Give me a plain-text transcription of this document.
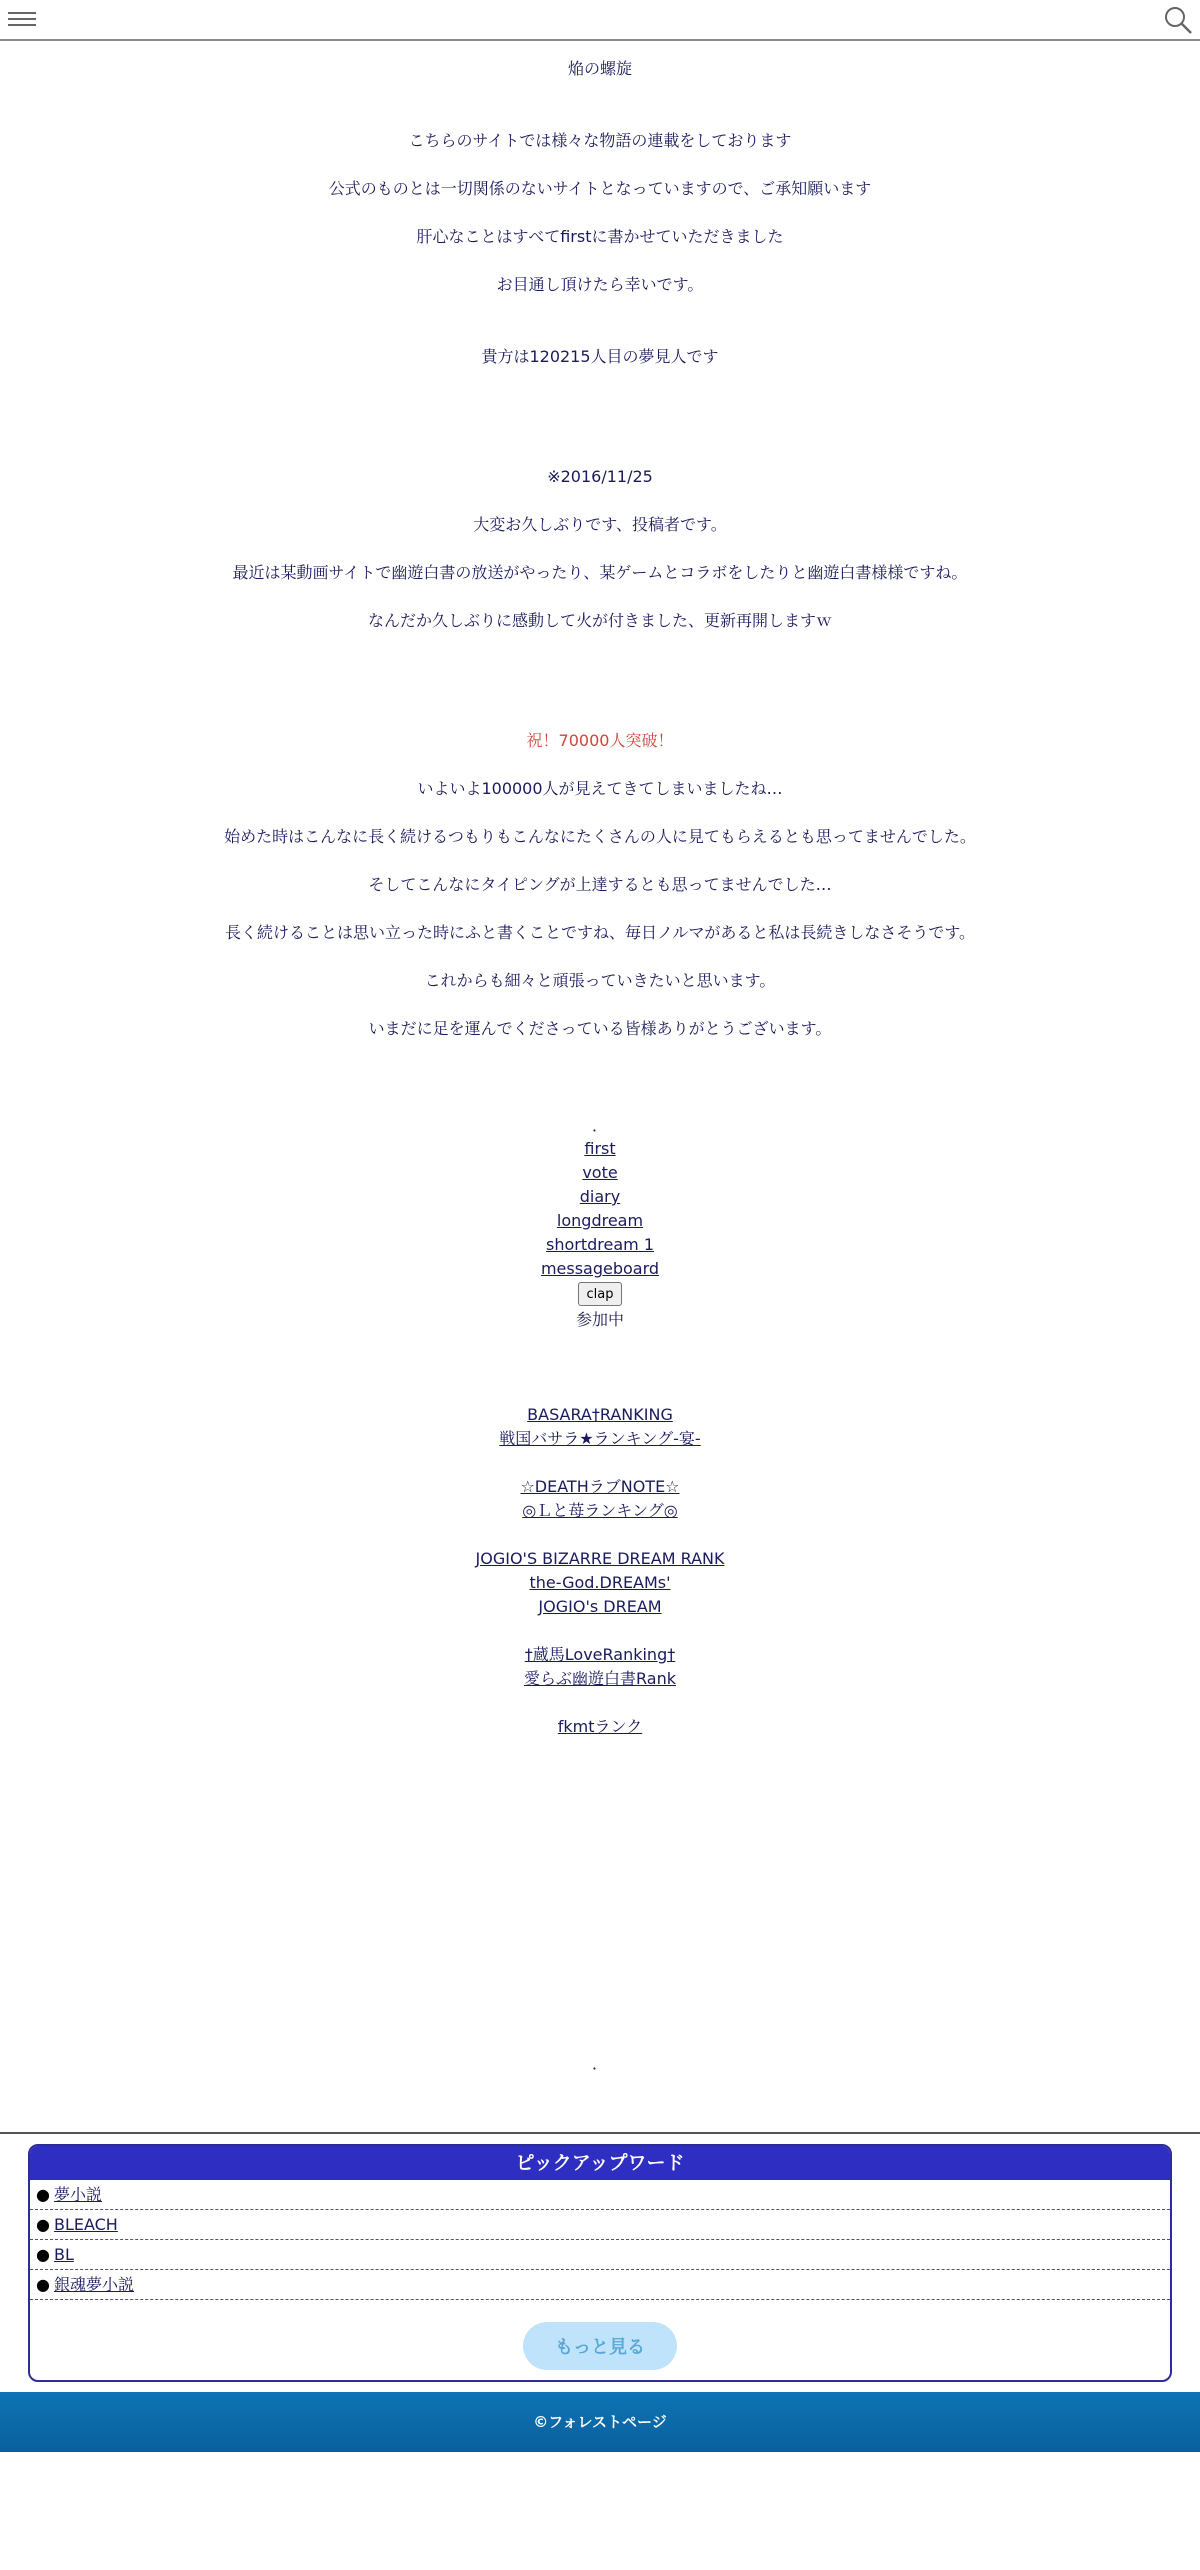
焔の螺旋
こちらのサイトでは様々な物語の連載をしております
公式のものとは一切関係のないサイトとなっていますので、ご承知願います
肝心なことはすべてfirstに書かせていただきました
お目通し頂けたら幸いです。
貴方は120215人目の夢見人です
※2016/11/25
大変お久しぶりです、投稿者です。
最近は某動画サイトで幽遊白書の放送がやったり、某ゲームとコラボをしたりと幽遊白書様様ですね。
なんだか久しぶりに感動して火が付きました、更新再開しますｗ
祝！70000人突破！
いよいよ100000人が見えてきてしまいましたね…
始めた時はこんなに長く続けるつもりもこんなにたくさんの人に見てもらえるとも思ってませんでした。
そしてこんなにタイピングが上達するとも思ってませんでした…
長く続けることは思い立った時にふと書くことですね、毎日ノルマがあると私は長続きしなさそうです。
これからも細々と頑張っていきたいと思います。
いまだに足を運んでくださっている皆様ありがとうございます。
．
first
vote
diary
longdream
shortdream 1
messageboard
clap
参加中
BASARA†RANKING
戦国バサラ★ランキング-宴-
☆DEATHラブNOTE☆
◎Ｌと苺ランキング◎
JOGIO'S BIZARRE DREAM RANK
the-God.DREAMs'
JOGIO's DREAM
†蔵馬LoveRanking†
愛らぶ幽遊白書Rank
fkmtランク
．
ピックアップワード
● 夢小説
● BLEACH
● BL
● 銀魂夢小説
もっと見る
©フォレストページ
